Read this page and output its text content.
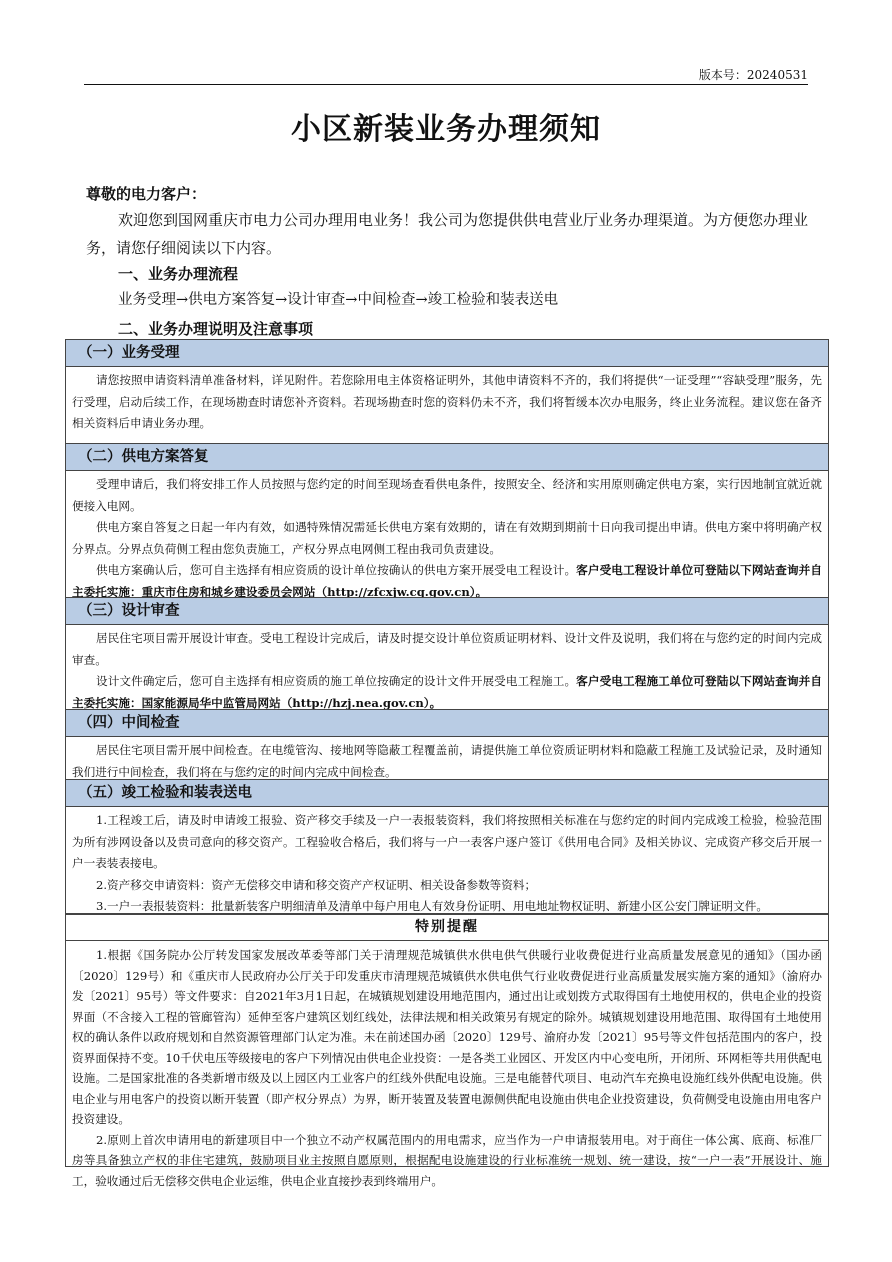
版本号：20240531
小区新装业务办理须知
尊敬的电力客户：
欢迎您到国网重庆市电力公司办理用电业务！我公司为您提供供电营业厅业务办理渠道。为方便您办理业务，请您仔细阅读以下内容。
一、业务办理流程
业务受理→供电方案答复→设计审查→中间检查→竣工检验和装表送电
二、业务办理说明及注意事项
（一）业务受理

请您按照申请资料清单准备材料，详见附件。若您除用电主体资格证明外，其他申请资料不齐的，我们将提供“一证受理”“容缺受理”服务，先行受理，启动后续工作，在现场勘查时请您补齐资料。若现场勘查时您的资料仍未不齐，我们将暂缓本次办电服务，终止业务流程。建议您在备齐相关资料后申请业务办理。

（二）供电方案答复

受理申请后，我们将安排工作人员按照与您约定的时间至现场查看供电条件，按照安全、经济和实用原则确定供电方案，实行因地制宜就近就便接入电网。

供电方案自答复之日起一年内有效，如遇特殊情况需延长供电方案有效期的，请在有效期到期前十日向我司提出申请。供电方案中将明确产权分界点。分界点负荷侧工程由您负责施工，产权分界点电网侧工程由我司负责建设。

供电方案确认后，您可自主选择有相应资质的设计单位按确认的供电方案开展受电工程设计。客户受电工程设计单位可登陆以下网站查询并自主委托实施：重庆市住房和城乡建设委员会网站（http://zfcxjw.cq.gov.cn）。

（三）设计审查

居民住宅项目需开展设计审查。受电工程设计完成后，请及时提交设计单位资质证明材料、设计文件及说明，我们将在与您约定的时间内完成审查。

设计文件确定后，您可自主选择有相应资质的施工单位按确定的设计文件开展受电工程施工。客户受电工程施工单位可登陆以下网站查询并自主委托实施：国家能源局华中监管局网站（http://hzj.nea.gov.cn）。

（四）中间检查

居民住宅项目需开展中间检查。在电缆管沟、接地网等隐蔽工程覆盖前，请提供施工单位资质证明材料和隐蔽工程施工及试验记录，及时通知我们进行中间检查，我们将在与您约定的时间内完成中间检查。

（五）竣工检验和装表送电

1.工程竣工后，请及时申请竣工报验、资产移交手续及一户一表报装资料，我们将按照相关标准在与您约定的时间内完成竣工检验，检验范围为所有涉网设备以及贵司意向的移交资产。工程验收合格后，我们将与一户一表客户逐户签订《供用电合同》及相关协议、完成资产移交后开展一户一表装表接电。

2.资产移交申请资料：资产无偿移交申请和移交资产产权证明、相关设备参数等资料；

3.一户一表报装资料：批量新装客户明细清单及清单中每户用电人有效身份证明、用电地址物权证明、新建小区公安门牌证明文件。

特别提醒

1.根据《国务院办公厅转发国家发展改革委等部门关于清理规范城镇供水供电供气供暖行业收费促进行业高质量发展意见的通知》（国办函〔2020〕129号）和《重庆市人民政府办公厅关于印发重庆市清理规范城镇供水供电供气行业收费促进行业高质量发展实施方案的通知》（渝府办发〔2021〕95号）等文件要求：自2021年3月1日起，在城镇规划建设用地范围内，通过出让或划拨方式取得国有土地使用权的，供电企业的投资界面（不含接入工程的管廊管沟）延伸至客户建筑区划红线处，法律法规和相关政策另有规定的除外。城镇规划建设用地范围、取得国有土地使用权的确认条件以政府规划和自然资源管理部门认定为准。未在前述国办函〔2020〕129号、渝府办发〔2021〕95号等文件包括范围内的客户，投资界面保持不变。10千伏电压等级接电的客户下列情况由供电企业投资：一是各类工业园区、开发区内中心变电所，开闭所、环网柜等共用供配电设施。二是国家批准的各类新增市级及以上园区内工业客户的红线外供配电设施。三是电能替代项目、电动汽车充换电设施红线外供配电设施。供电企业与用电客户的投资以断开装置（即产权分界点）为界，断开装置及装置电源侧供配电设施由供电企业投资建设，负荷侧受电设施由用电客户投资建设。

2.原则上首次申请用电的新建项目中一个独立不动产权属范围内的用电需求，应当作为一户申请报装用电。对于商住一体公寓、底商、标准厂房等具备独立产权的非住宅建筑，鼓励项目业主按照自愿原则，根据配电设施建设的行业标准统一规划、统一建设，按“一户一表”开展设计、施工，验收通过后无偿移交供电企业运维，供电企业直接抄表到终端用户。
